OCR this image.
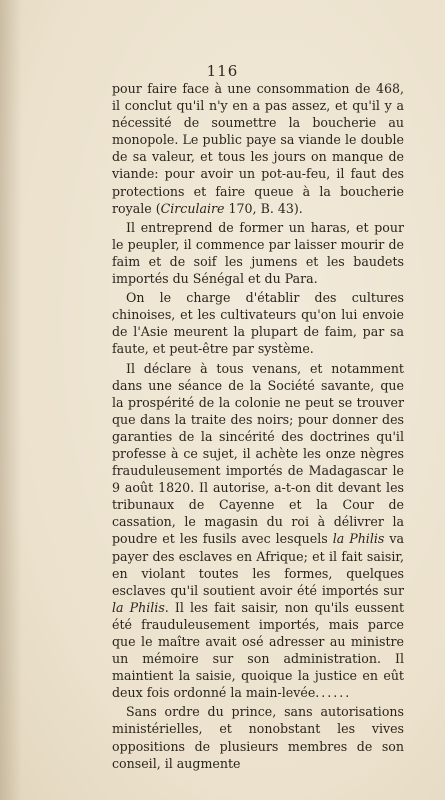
116

pour faire face à une consommation de 468, il conclut qu'il n'y en a pas assez, et qu'il y a nécessité de soumettre la boucherie au monopole. Le public paye sa viande le double de sa valeur, et tous les jours on manque de viande: pour avoir un pot-au-feu, il faut des protections et faire queue à la boucherie royale (Circulaire 170, B. 43).

Il entreprend de former un haras, et pour le peupler, il commence par laisser mourir de faim et de soif les jumens et les baudets importés du Sénégal et du Para.

On le charge d'établir des cultures chinoises, et les cultivateurs qu'on lui envoie de l'Asie meurent la plupart de faim, par sa faute, et peut-être par système.

Il déclare à tous venans, et notamment dans une séance de la Société savante, que la prospérité de la colonie ne peut se trouver que dans la traite des noirs; pour donner des garanties de la sincérité des doctrines qu'il professe à ce sujet, il achète les onze nègres frauduleusement importés de Madagascar le 9 août 1820. Il autorise, a-t-on dit devant les tribunaux de Cayenne et la Cour de cassation, le magasin du roi à délivrer la poudre et les fusils avec lesquels la Philis va payer des esclaves en Afrique; et il fait saisir, en violant toutes les formes, quelques esclaves qu'il soutient avoir été importés sur la Philis. Il les fait saisir, non qu'ils eussent été frauduleusement importés, mais parce que le maître avait osé adresser au ministre un mémoire sur son administration. Il maintient la saisie, quoique la justice en eût deux fois ordonné la main-levée......

Sans ordre du prince, sans autorisations ministérielles, et nonobstant les vives oppositions de plusieurs membres de son conseil, il augmente
